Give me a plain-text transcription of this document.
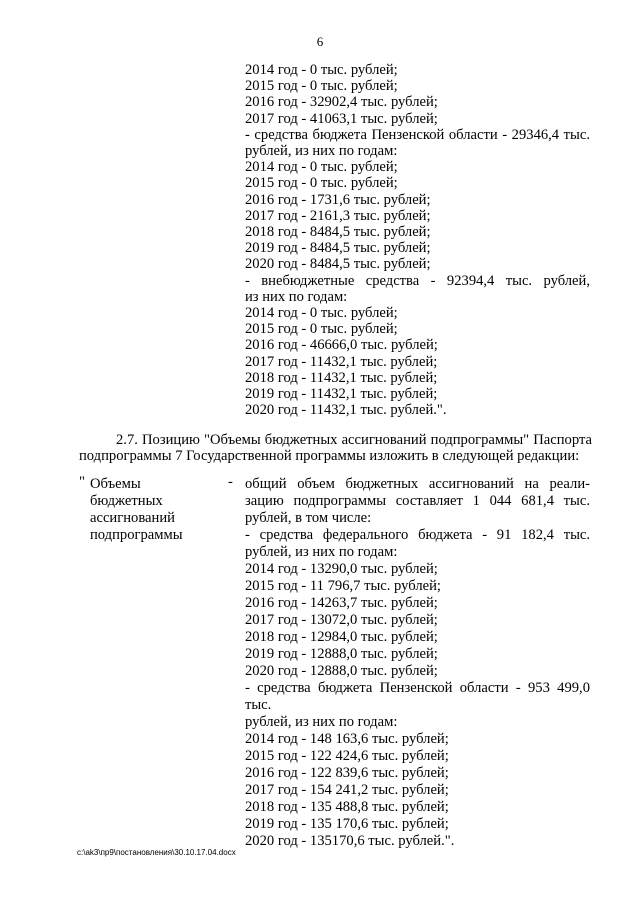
6
2014 год - 0 тыс. рублей;
2015 год - 0 тыс. рублей;
2016 год - 32902,4 тыс. рублей;
2017 год - 41063,1 тыс. рублей;
- средства бюджета Пензенской области - 29346,4 тыс.
рублей, из них по годам:
2014 год - 0 тыс. рублей;
2015 год - 0 тыс. рублей;
2016 год - 1731,6 тыс. рублей;
2017 год - 2161,3 тыс. рублей;
2018 год - 8484,5 тыс. рублей;
2019 год - 8484,5 тыс. рублей;
2020 год - 8484,5 тыс. рублей;
- внебюджетные средства - 92394,4 тыс. рублей,
из них по годам:
2014 год - 0 тыс. рублей;
2015 год - 0 тыс. рублей;
2016 год - 46666,0 тыс. рублей;
2017 год - 11432,1 тыс. рублей;
2018 год - 11432,1 тыс. рублей;
2019 год - 11432,1 тыс. рублей;
2020 год - 11432,1 тыс. рублей.".
2.7. Позицию "Объемы бюджетных ассигнований подпрограммы" Паспорта
подпрограммы 7 Государственной программы изложить в следующей редакции:
" Объемы
бюджетных
ассигнований
подпрограммы
- общий объем бюджетных ассигнований на реали-
зацию подпрограммы составляет 1 044 681,4 тыс.
рублей, в том числе:
- средства федерального бюджета - 91 182,4 тыс.
рублей, из них по годам:
2014 год - 13290,0 тыс. рублей;
2015 год - 11 796,7 тыс. рублей;
2016 год - 14263,7 тыс. рублей;
2017 год - 13072,0 тыс. рублей;
2018 год - 12984,0 тыс. рублей;
2019 год - 12888,0 тыс. рублей;
2020 год - 12888,0 тыс. рублей;
- средства бюджета Пензенской области - 953 499,0 тыс.
рублей, из них по годам:
2014 год - 148 163,6 тыс. рублей;
2015 год - 122 424,6 тыс. рублей;
2016 год - 122 839,6 тыс. рублей;
2017 год - 154 241,2 тыс. рублей;
2018 год - 135 488,8 тыс. рублей;
2019 год - 135 170,6 тыс. рублей;
2020 год - 135170,6 тыс. рублей.".
c:\ak3\пр9\постановления\30.10.17.04.docx
